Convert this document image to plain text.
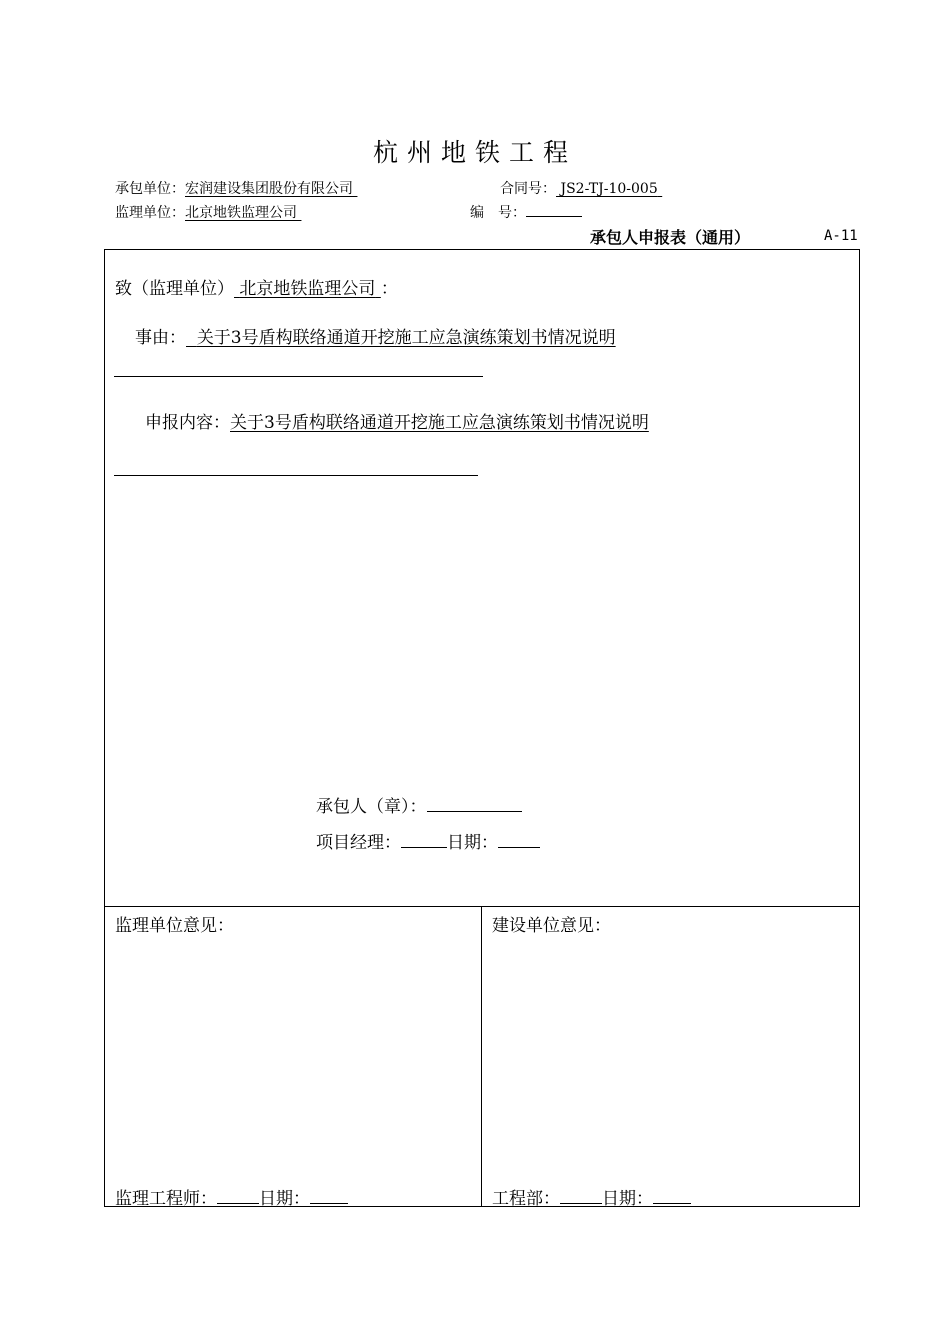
杭州地铁工程
承包单位：宏润建设集团股份有限公司	合同号： JS2-TJ-10-005
监理单位：北京地铁监理公司	编　号：
承包人申报表（通用）	A-11
致（监理单位） 北京地铁监理公司 ：
事由： 关于3号盾构联络通道开挖施工应急演练策划书情况说明
申报内容：关于3号盾构联络通道开挖施工应急演练策划书情况说明
承包人（章）：
项目经理：	日期：
监理单位意见：	建设单位意见：
监理工程师： 日期：	工程部： 日期：
